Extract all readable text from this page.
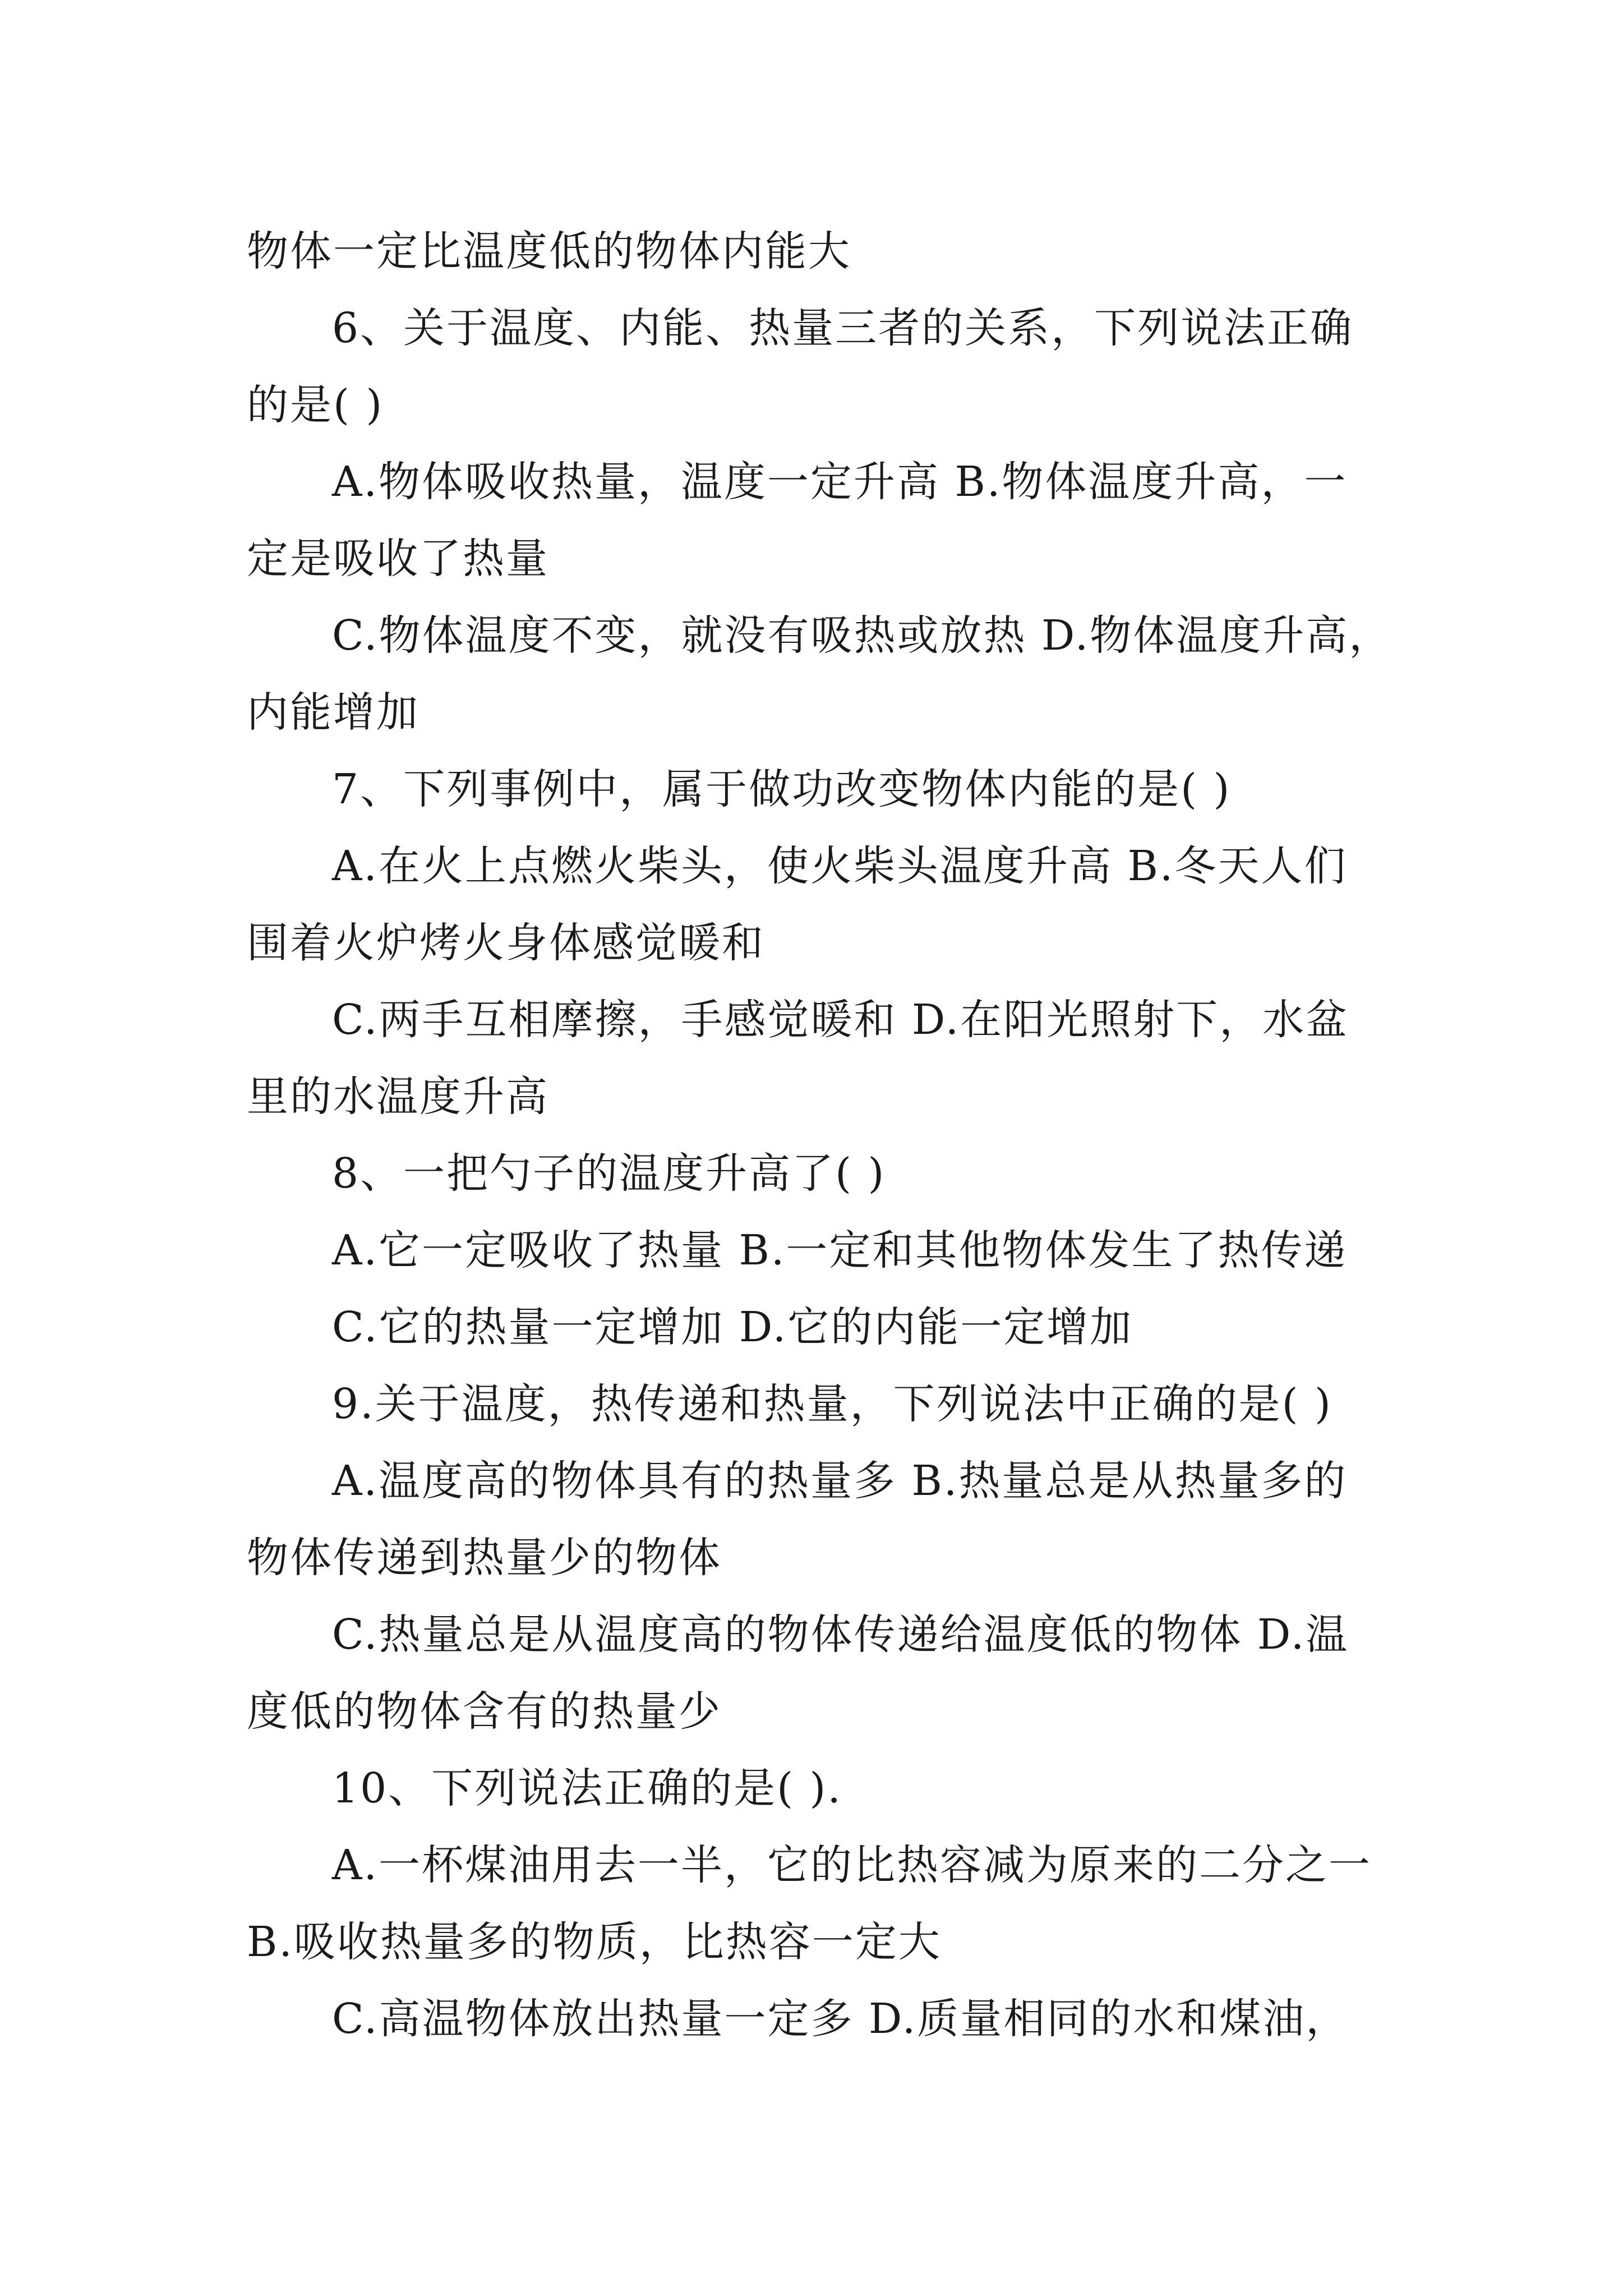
物体一定比温度低的物体内能大
6、关于温度、内能、热量三者的关系，下列说法正确
的是( )
A.物体吸收热量，温度一定升高 B.物体温度升高，一
定是吸收了热量
C.物体温度不变，就没有吸热或放热 D.物体温度升高，
内能增加
7、下列事例中，属于做功改变物体内能的是( )
A.在火上点燃火柴头，使火柴头温度升高 B.冬天人们
围着火炉烤火身体感觉暖和
C.两手互相摩擦，手感觉暖和 D.在阳光照射下，水盆
里的水温度升高
8、一把勺子的温度升高了( )
A.它一定吸收了热量 B.一定和其他物体发生了热传递
C.它的热量一定增加 D.它的内能一定增加
9.关于温度，热传递和热量，下列说法中正确的是( )
A.温度高的物体具有的热量多 B.热量总是从热量多的
物体传递到热量少的物体
C.热量总是从温度高的物体传递给温度低的物体 D.温
度低的物体含有的热量少
10、下列说法正确的是( ).
A.一杯煤油用去一半，它的比热容减为原来的二分之一
B.吸收热量多的物质，比热容一定大
C.高温物体放出热量一定多 D.质量相同的水和煤油，
